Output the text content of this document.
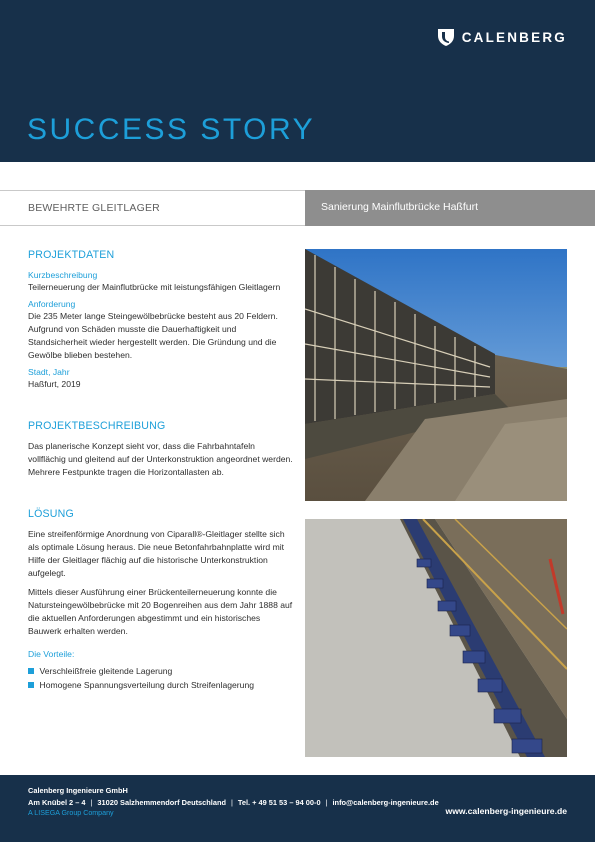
CALENBERG
SUCCESS STORY
BEWEHRTE GLEITLAGER	Sanierung Mainflutbrücke Haßfurt
PROJEKTDATEN
Kurzbeschreibung

Teilerneuerung der Mainflutbrücke mit leistungsfähigen Gleitlagern

Anforderung

Die 235 Meter lange Steingewölbebrücke besteht aus 20 Feldern. Aufgrund von Schäden musste die Dauerhaftigkeit und Standsicherheit wieder hergestellt werden. Die Gründung und die Gewölbe blieben bestehen.

Stadt, Jahr

Haßfurt, 2019

PROJEKTBESCHREIBUNG

Das planerische Konzept sieht vor, dass die Fahrbahntafeln vollflächig und gleitend auf der Unterkonstruktion angeordnet werden. Mehrere Festpunkte tragen die Horizontallasten ab.

LÖSUNG

Eine streifenförmige Anordnung von Ciparall®-Gleitlager stellte sich als optimale Lösung heraus. Die neue Betonfahrbahnplatte wird mit Hilfe der Gleitlager flächig auf die historische Unterkonstruktion aufgelegt.

Mittels dieser Ausführung einer Brückenteilerneuerung konnte die Natursteingewölbebrücke mit 20 Bogenreihen aus dem Jahr 1888 auf die aktuellen Anforderungen abgestimmt und ein historisches Bauwerk erhalten werden.

Die Vorteile:
Verschleißfreie gleitende Lagerung
Homogene Spannungsverteilung durch Streifenlagerung
Calenberg Ingenieure GmbH
Am Knübel 2 – 4 | 31020 Salzhemmendorf Deutschland | Tel. + 49 51 53 – 94 00-0 | info@calenberg-ingenieure.de
A LISEGA Group Company	www.calenberg-ingenieure.de
